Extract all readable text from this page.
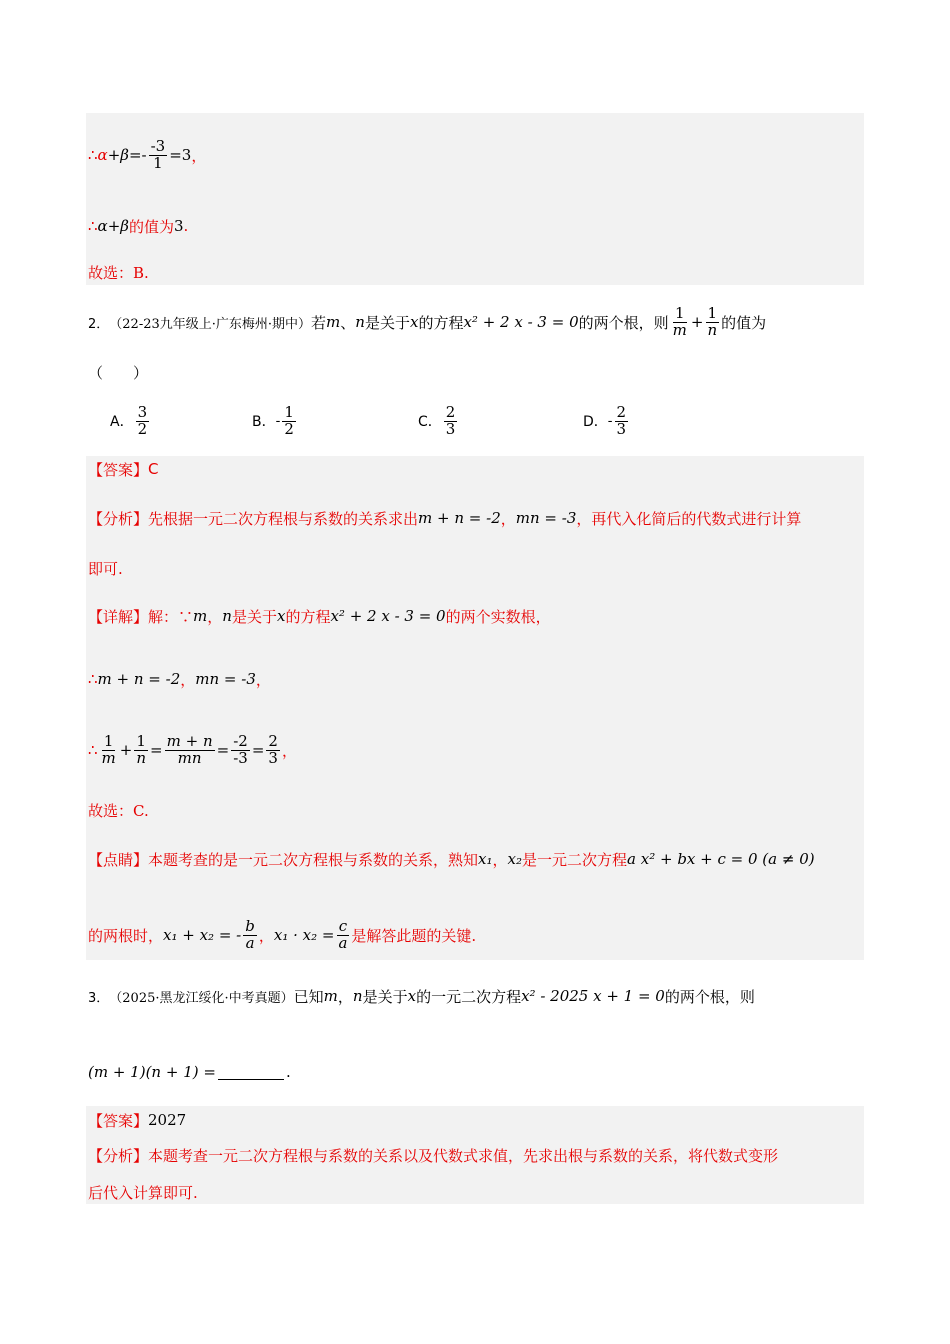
∴ $\alpha + \beta =- \frac{-3}{1} =3$ ，
∴ α + β 的值为 3 .
故选：B.
2． （22-23九年级上·广东梅州·期中） 若 m 、 n 是关于 x 的方程 x² + 2 x - 3 = 0 的两个根，则 $\frac{1}{m} + \frac{1}{n}$ 的值为
（　　）
A． $\frac{3}{2}$	B． - $\frac{1}{2}$	C． $\frac{2}{3}$	D． - $\frac{2}{3}$
【答案】 C
【分析】 先根据一元二次方程根与系数的关系求出 m + n = -2 ， mn = -3 ，再代入化简后的代数式进行计算
即可.
【详解】 解：∵ m ， n 是关于 x 的方程 x² + 2 x - 3 = 0 的两个实数根，
∴ m + n = -2 ， mn = -3 ，
∴ $\frac{1}{m} + \frac{1}{n} = \frac{m + n}{mn} = \frac{-2}{-3} = \frac{2}{3}$ ，
故选：C.
【点睛】 本题考查的是一元二次方程根与系数的关系，熟知 x₁ ， x₂ 是一元二次方程 a x² + bx + c = 0 (a ≠ 0)
的两根时， x₁ + x₂ = - $\frac{b}{a}$ ， $x_1 \cdot x_2 = \frac{c}{a}$ 是解答此题的关键.
3． （2025·黑龙江绥化·中考真题） 已知 m ， n 是关于 x 的一元二次方程 x² - 2025 x + 1 = 0 的两个根，则
(m + 1)(n + 1) =	.
【答案】 2027
【分析】 本题考查一元二次方程根与系数的关系以及代数式求值，先求出根与系数的关系，将代数式变形
后代入计算即可.
